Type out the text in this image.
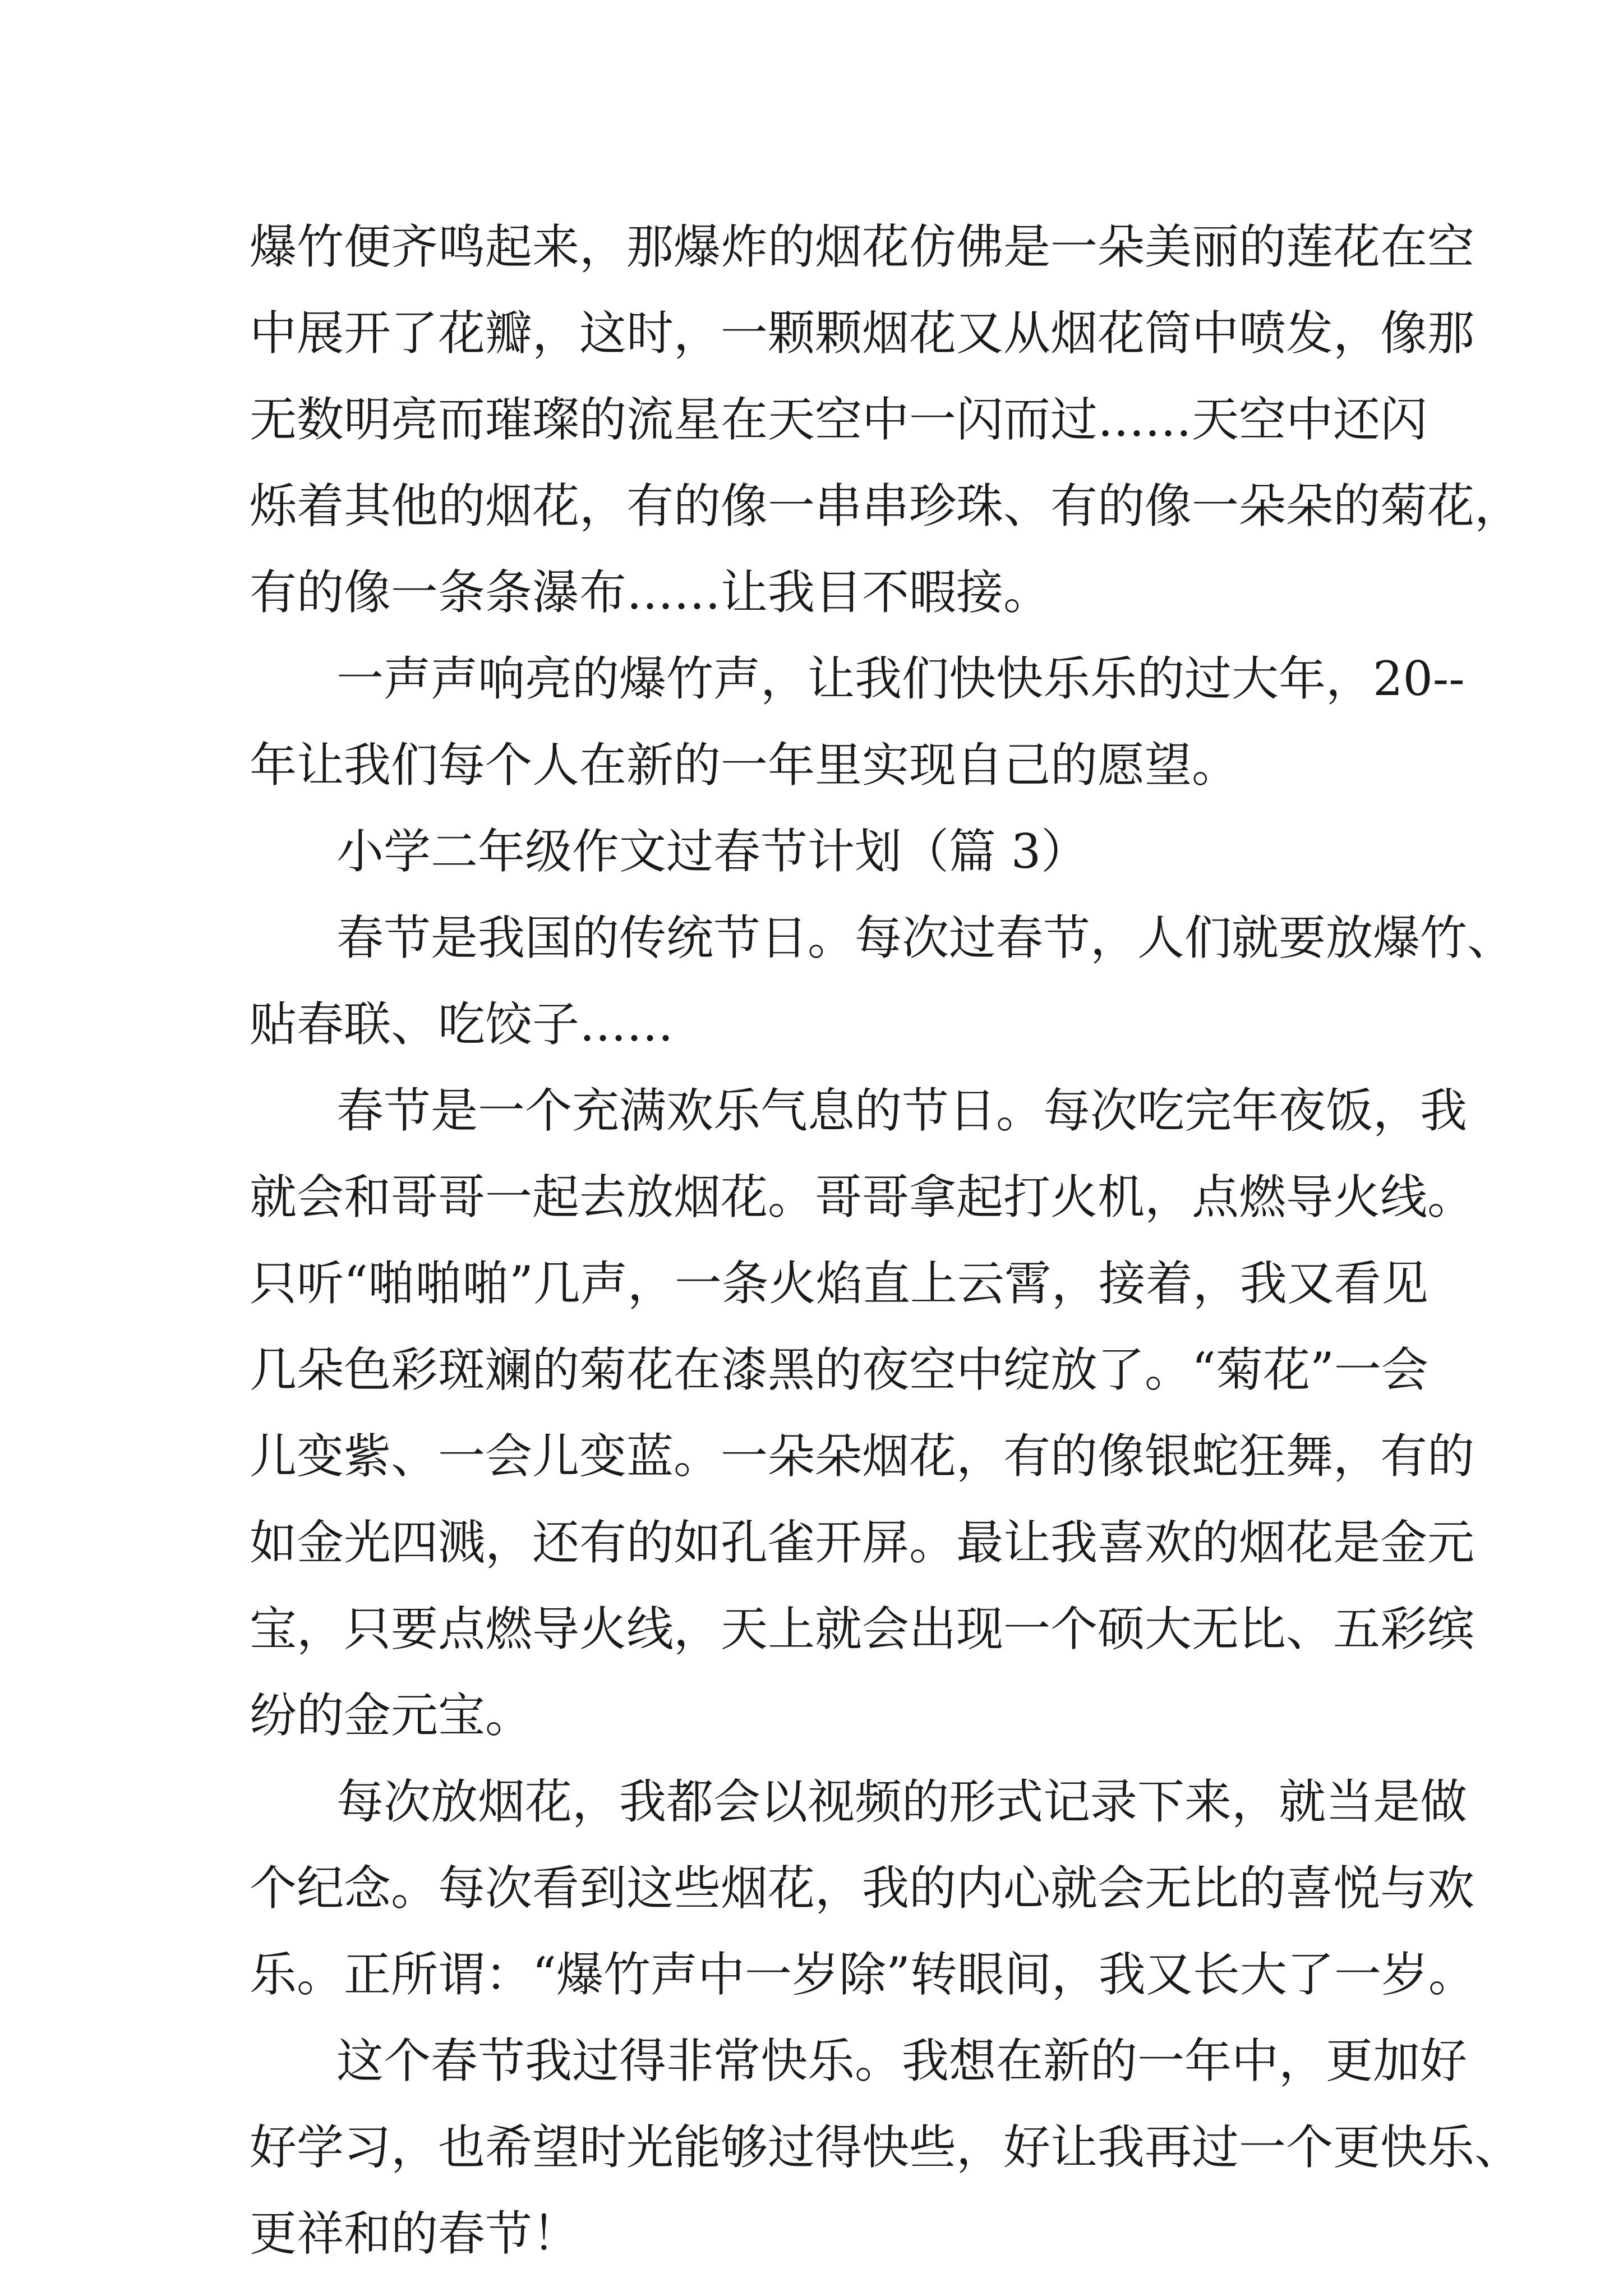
爆竹便齐鸣起来，那爆炸的烟花仿佛是一朵美丽的莲花在空
中展开了花瓣，这时，一颗颗烟花又从烟花筒中喷发，像那
无数明亮而璀璨的流星在天空中一闪而过……天空中还闪
烁着其他的烟花，有的像一串串珍珠、有的像一朵朵的菊花，
有的像一条条瀑布……让我目不暇接。
一声声响亮的爆竹声，让我们快快乐乐的过大年，20--
年让我们每个人在新的一年里实现自己的愿望。
小学二年级作文过春节计划（篇 3）
春节是我国的传统节日。每次过春节，人们就要放爆竹、
贴春联、吃饺子……
春节是一个充满欢乐气息的节日。每次吃完年夜饭，我
就会和哥哥一起去放烟花。哥哥拿起打火机，点燃导火线。
只听“啪啪啪”几声，一条火焰直上云霄，接着，我又看见
几朵色彩斑斓的菊花在漆黑的夜空中绽放了。“菊花”一会
儿变紫、一会儿变蓝。一朵朵烟花，有的像银蛇狂舞，有的
如金光四溅，还有的如孔雀开屏。最让我喜欢的烟花是金元
宝，只要点燃导火线，天上就会出现一个硕大无比、五彩缤
纷的金元宝。
每次放烟花，我都会以视频的形式记录下来，就当是做
个纪念。每次看到这些烟花，我的内心就会无比的喜悦与欢
乐。正所谓：“爆竹声中一岁除”转眼间，我又长大了一岁。
这个春节我过得非常快乐。我想在新的一年中，更加好
好学习，也希望时光能够过得快些，好让我再过一个更快乐、
更祥和的春节！
